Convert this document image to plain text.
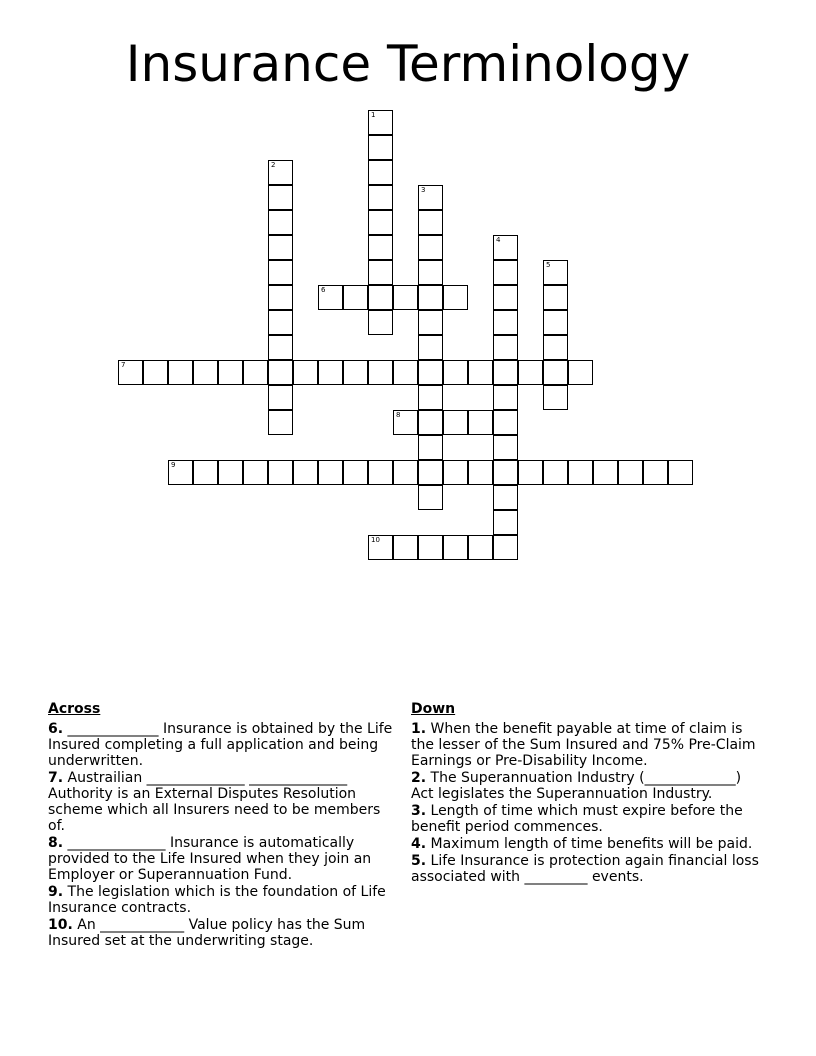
Insurance Terminology
1
2
3
4
5
6
7
8
9
10
Across
6. _____________ Insurance is obtained by the Life Insured completing a full application and being underwritten.
7. Austrailian ______________ ______________ Authority is an External Disputes Resolution scheme which all Insurers need to be members of.
8. ______________ Insurance is automatically provided to the Life Insured when they join an Employer or Superannuation Fund.
9. The legislation which is the foundation of Life Insurance contracts.
10. An ____________ Value policy has the Sum Insured set at the underwriting stage.
Down
1. When the benefit payable at time of claim is the lesser of the Sum Insured and 75% Pre-Claim Earnings or Pre-Disability Income.
2. The Superannuation Industry (_____________) Act legislates the Superannuation Industry.
3. Length of time which must expire before the benefit period commences.
4. Maximum length of time benefits will be paid.
5. Life Insurance is protection again financial loss associated with _________ events.
